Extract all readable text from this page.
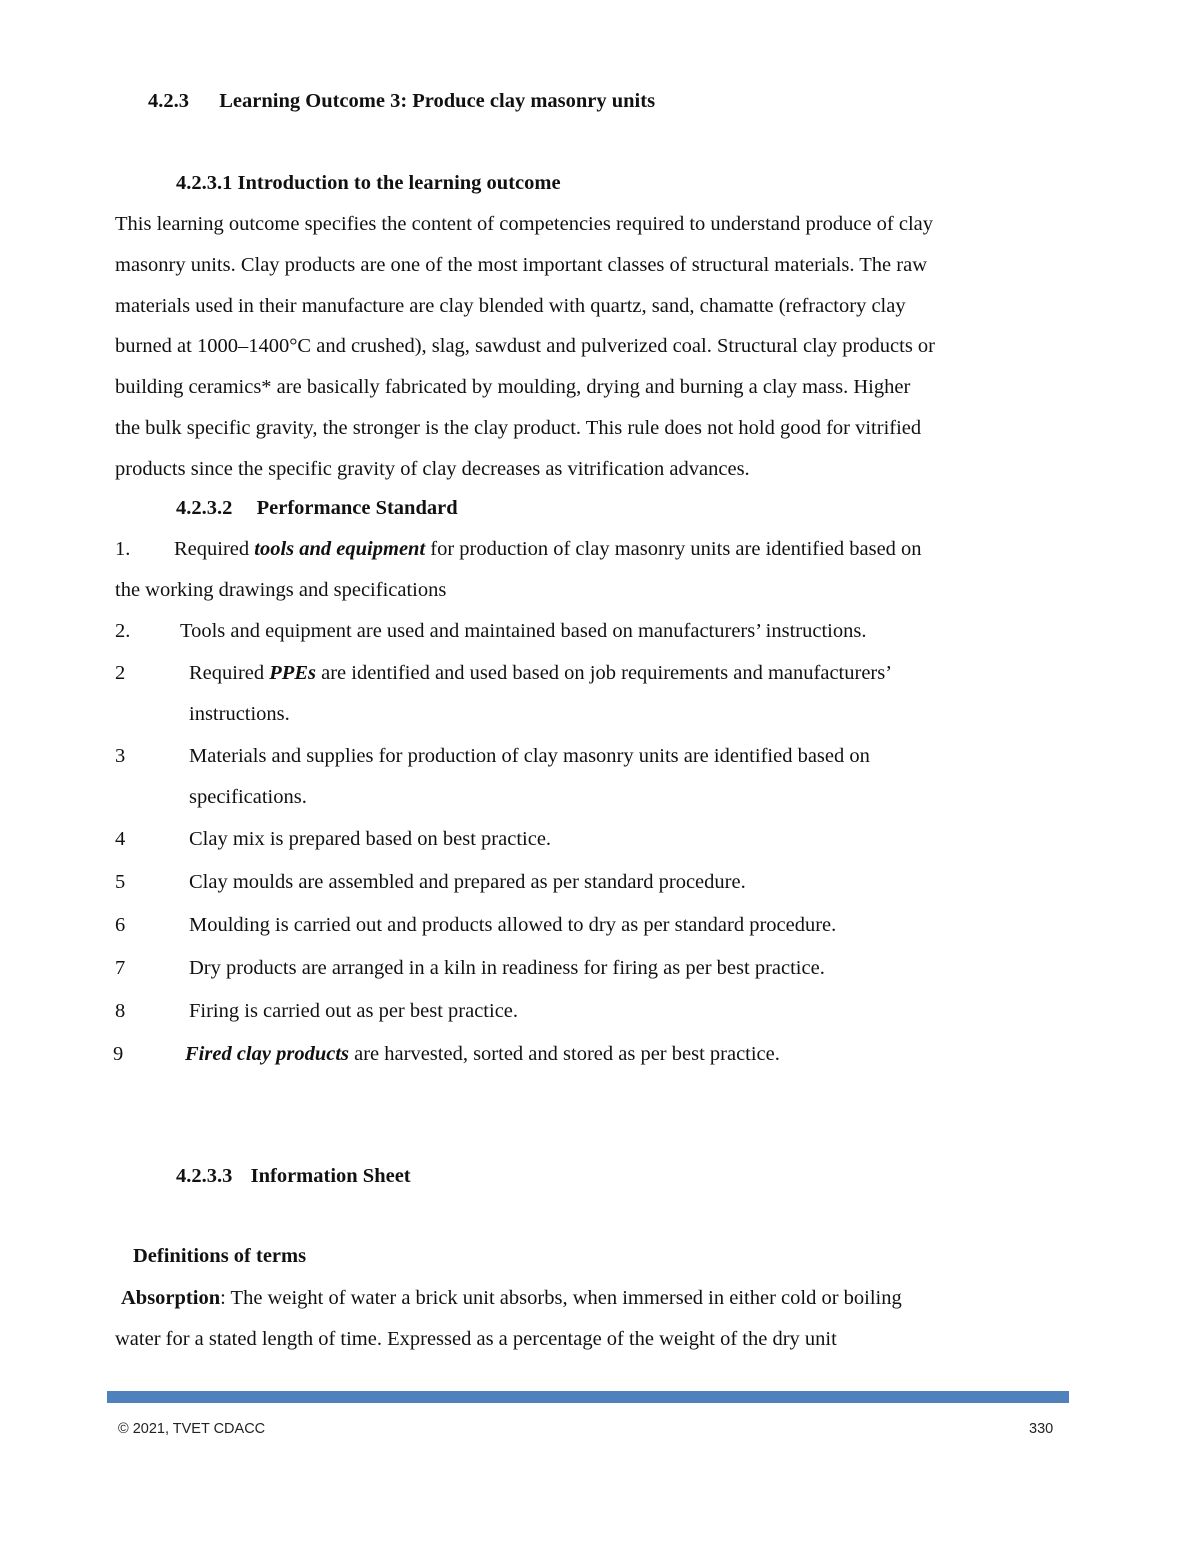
4.2.3 Learning Outcome 3: Produce clay masonry units
4.2.3.1 Introduction to the learning outcome
This learning outcome specifies the content of competencies required to understand produce of clay
masonry units. Clay products are one of the most important classes of structural materials. The raw
materials used in their manufacture are clay blended with quartz, sand, chamatte (refractory clay
burned at 1000–1400°C and crushed), slag, sawdust and pulverized coal. Structural clay products or
building ceramics* are basically fabricated by moulding, drying and burning a clay mass. Higher
the bulk specific gravity, the stronger is the clay product. This rule does not hold good for vitrified
products since the specific gravity of clay decreases as vitrification advances.
4.2.3.2 Performance Standard
1. Required tools and equipment for production of clay masonry units are identified based on
the working drawings and specifications
2. Tools and equipment are used and maintained based on manufacturers’ instructions.
2	Required PPEs are identified and used based on job requirements and manufacturers’
instructions.
3	Materials and supplies for production of clay masonry units are identified based on
specifications.
4	Clay mix is prepared based on best practice.
5	Clay moulds are assembled and prepared as per standard procedure.
6	Moulding is carried out and products allowed to dry as per standard procedure.
7	Dry products are arranged in a kiln in readiness for firing as per best practice.
8	Firing is carried out as per best practice.
9	Fired clay products are harvested, sorted and stored as per best practice.
4.2.3.3 Information Sheet
Definitions of terms
Absorption: The weight of water a brick unit absorbs, when immersed in either cold or boiling
water for a stated length of time. Expressed as a percentage of the weight of the dry unit
© 2021, TVET CDACC	330
